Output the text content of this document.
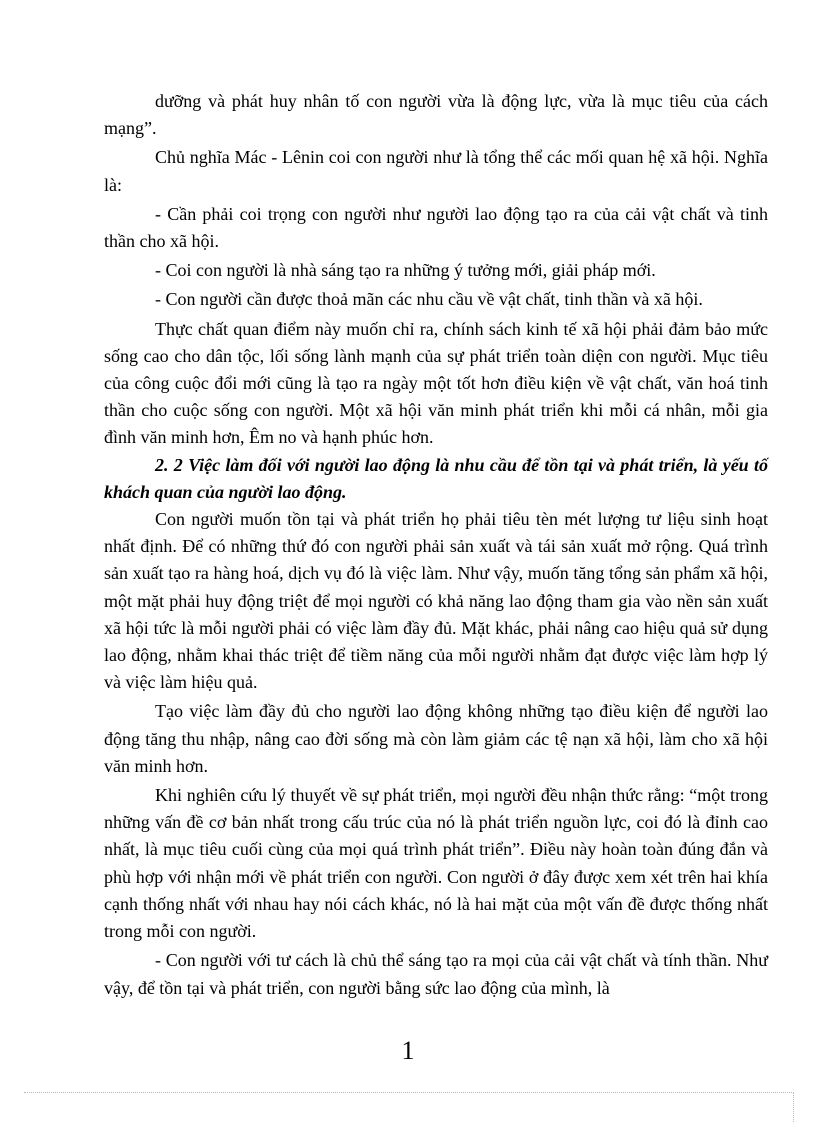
dưỡng và phát huy nhân tố con người vừa là động lực, vừa là mục tiêu của cách mạng”.

Chủ nghĩa Mác - Lênin coi con người như là tổng thể các mối quan hệ xã hội. Nghĩa là:

- Cần phải coi trọng con người như người lao động tạo ra của cải vật chất và tinh thần cho xã hội.

- Coi con người là nhà sáng tạo ra những ý tưởng mới, giải pháp mới.

- Con người cần được thoả mãn các nhu cầu về vật chất, tinh thần và xã hội.

Thực chất quan điểm này muốn chỉ ra, chính sách kinh tế xã hội phải đảm bảo mức sống cao cho dân tộc, lối sống lành mạnh của sự phát triển toàn diện con người. Mục tiêu của công cuộc đổi mới cũng là tạo ra ngày một tốt hơn điều kiện về vật chất, văn hoá tinh thần cho cuộc sống con người. Một xã hội văn minh phát triển khi mỗi cá nhân, mỗi gia đình văn minh hơn, Êm no và hạnh phúc hơn.

2. 2 Việc làm đối với người lao động là nhu cầu để tồn tại và phát triển, là yếu tố khách quan của người lao động.

Con người muốn tồn tại và phát triển họ phải tiêu tèn mét lượng tư liệu sinh hoạt nhất định. Để có những thứ đó con người phải sản xuất và tái sản xuất mở rộng. Quá trình sản xuất tạo ra hàng hoá, dịch vụ đó là việc làm. Như vậy, muốn tăng tổng sản phẩm xã hội, một mặt phải huy động triệt để mọi người có khả năng lao động tham gia vào nền sản xuất xã hội tức là mỗi người phải có việc làm đầy đủ. Mặt khác, phải nâng cao hiệu quả sử dụng lao động, nhằm khai thác triệt để tiềm năng của mỗi người nhằm đạt được việc làm hợp lý và việc làm hiệu quả.

Tạo việc làm đầy đủ cho người lao động không những tạo điều kiện để người lao động tăng thu nhập, nâng cao đời sống mà còn làm giảm các tệ nạn xã hội, làm cho xã hội văn minh hơn.

Khi nghiên cứu lý thuyết về sự phát triển, mọi người đều nhận thức rằng: “một trong những vấn đề cơ bản nhất trong cấu trúc của nó là phát triển nguồn lực, coi đó là đỉnh cao nhất, là mục tiêu cuối cùng của mọi quá trình phát triển”. Điều này hoàn toàn đúng đắn và phù hợp với nhận mới về phát triển con người. Con người ở đây được xem xét trên hai khía cạnh thống nhất với nhau hay nói cách khác, nó là hai mặt của một vấn đề được thống nhất trong mỗi con người.

- Con người với tư cách là chủ thể sáng tạo ra mọi của cải vật chất và tính thần. Như vậy, để tồn tại và phát triển, con người bằng sức lao động của mình, là

1
